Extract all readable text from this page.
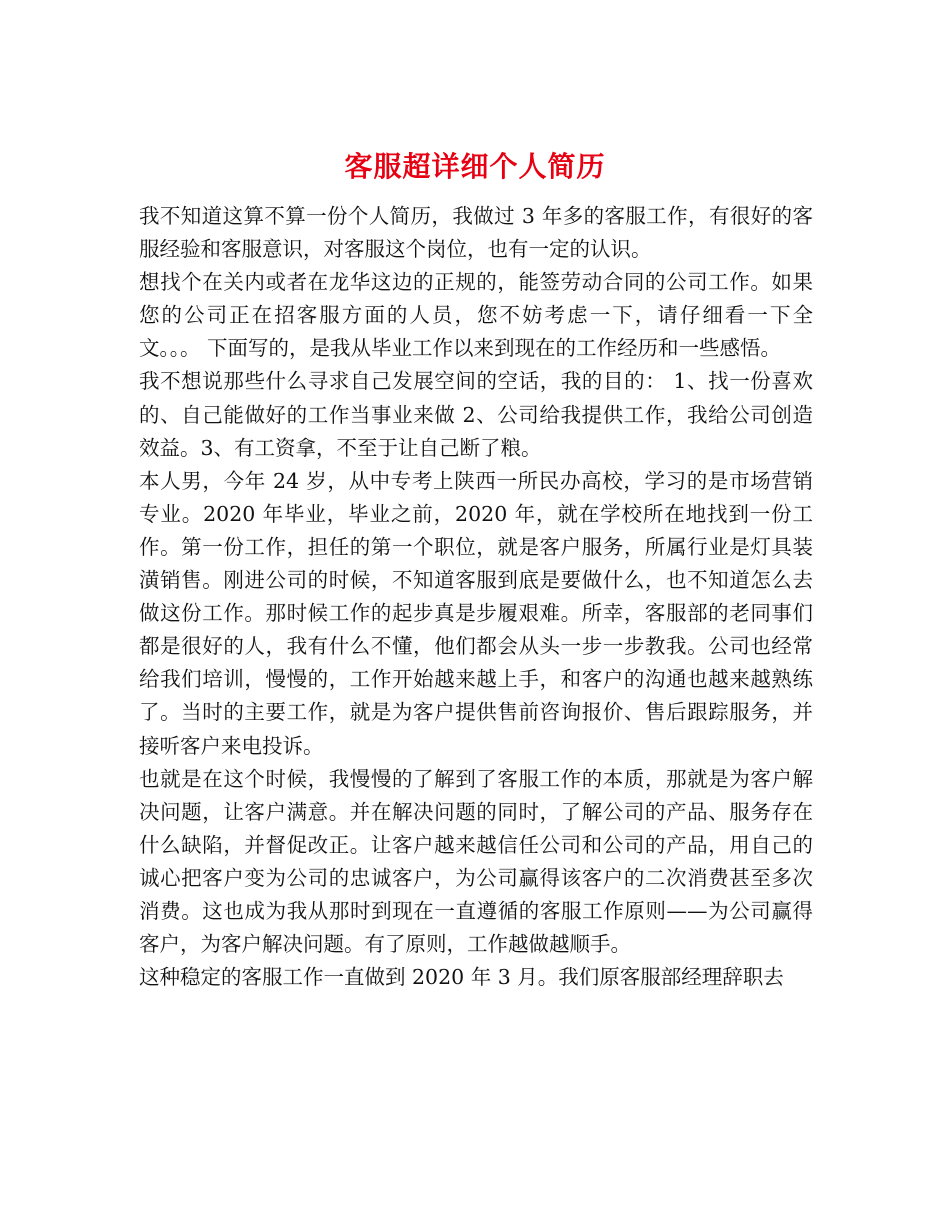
客服超详细个人简历

我不知道这算不算一份个人简历，我做过 3 年多的客服工作，有很好的客服经验和客服意识，对客服这个岗位，也有一定的认识。

想找个在关内或者在龙华这边的正规的，能签劳动合同的公司工作。如果您的公司正在招客服方面的人员，您不妨考虑一下，请仔细看一下全文。。。 下面写的，是我从毕业工作以来到现在的工作经历和一些感悟。

我不想说那些什么寻求自己发展空间的空话，我的目的： 1、找一份喜欢的、自己能做好的工作当事业来做 2、公司给我提供工作，我给公司创造效益。3、有工资拿，不至于让自己断了粮。

本人男，今年 24 岁，从中专考上陕西一所民办高校，学习的是市场营销专业。2020 年毕业，毕业之前，2020 年，就在学校所在地找到一份工作。第一份工作，担任的第一个职位，就是客户服务，所属行业是灯具装潢销售。刚进公司的时候，不知道客服到底是要做什么，也不知道怎么去做这份工作。那时候工作的起步真是步履艰难。所幸，客服部的老同事们都是很好的人，我有什么不懂，他们都会从头一步一步教我。公司也经常给我们培训，慢慢的，工作开始越来越上手，和客户的沟通也越来越熟练了。当时的主要工作，就是为客户提供售前咨询报价、售后跟踪服务，并接听客户来电投诉。

也就是在这个时候，我慢慢的了解到了客服工作的本质，那就是为客户解决问题，让客户满意。并在解决问题的同时，了解公司的产品、服务存在什么缺陷，并督促改正。让客户越来越信任公司和公司的产品，用自己的诚心把客户变为公司的忠诚客户，为公司赢得该客户的二次消费甚至多次消费。这也成为我从那时到现在一直遵循的客服工作原则——为公司赢得客户，为客户解决问题。有了原则，工作越做越顺手。

这种稳定的客服工作一直做到 2020 年 3 月。我们原客服部经理辞职去
